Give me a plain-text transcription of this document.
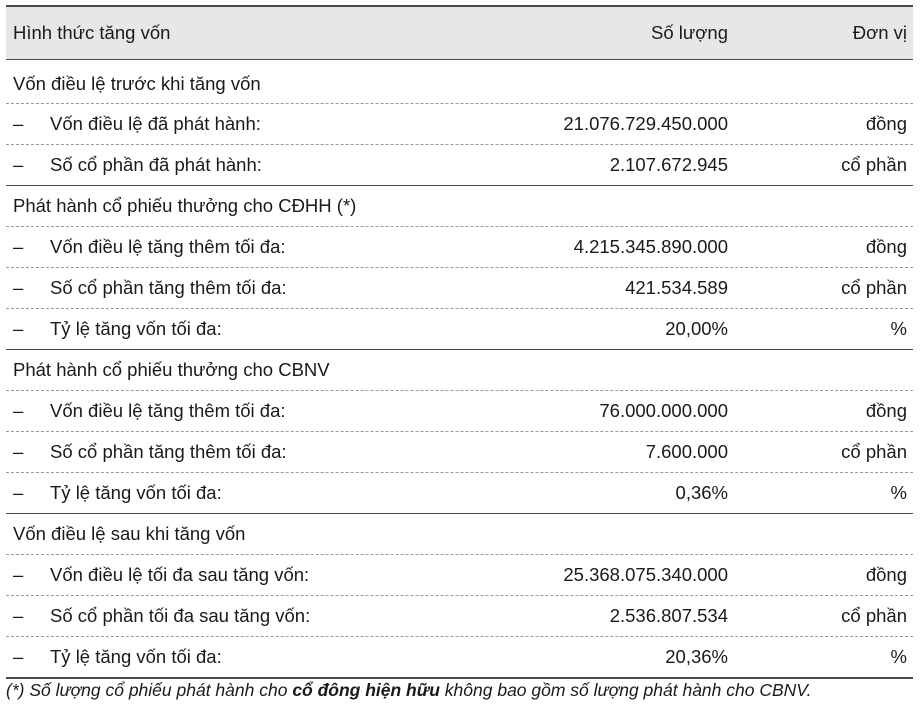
Hình thức tăng vốn	Số lượng	Đơn vị
Vốn điều lệ trước khi tăng vốn
–	Vốn điều lệ đã phát hành:	21.076.729.450.000	đồng
–	Số cổ phần đã phát hành:	2.107.672.945	cổ phần
Phát hành cổ phiếu thưởng cho CĐHH (*)
–	Vốn điều lệ tăng thêm tối đa:	4.215.345.890.000	đồng
–	Số cổ phần tăng thêm tối đa:	421.534.589	cổ phần
–	Tỷ lệ tăng vốn tối đa:	20,00%	%
Phát hành cổ phiếu thưởng cho CBNV
–	Vốn điều lệ tăng thêm tối đa:	76.000.000.000	đồng
–	Số cổ phần tăng thêm tối đa:	7.600.000	cổ phần
–	Tỷ lệ tăng vốn tối đa:	0,36%	%
Vốn điều lệ sau khi tăng vốn
–	Vốn điều lệ tối đa sau tăng vốn:	25.368.075.340.000	đồng
–	Số cổ phần tối đa sau tăng vốn:	2.536.807.534	cổ phần
–	Tỷ lệ tăng vốn tối đa:	20,36%	%
(*) Số lượng cổ phiếu phát hành cho cổ đông hiện hữu không bao gồm số lượng phát hành cho CBNV.
